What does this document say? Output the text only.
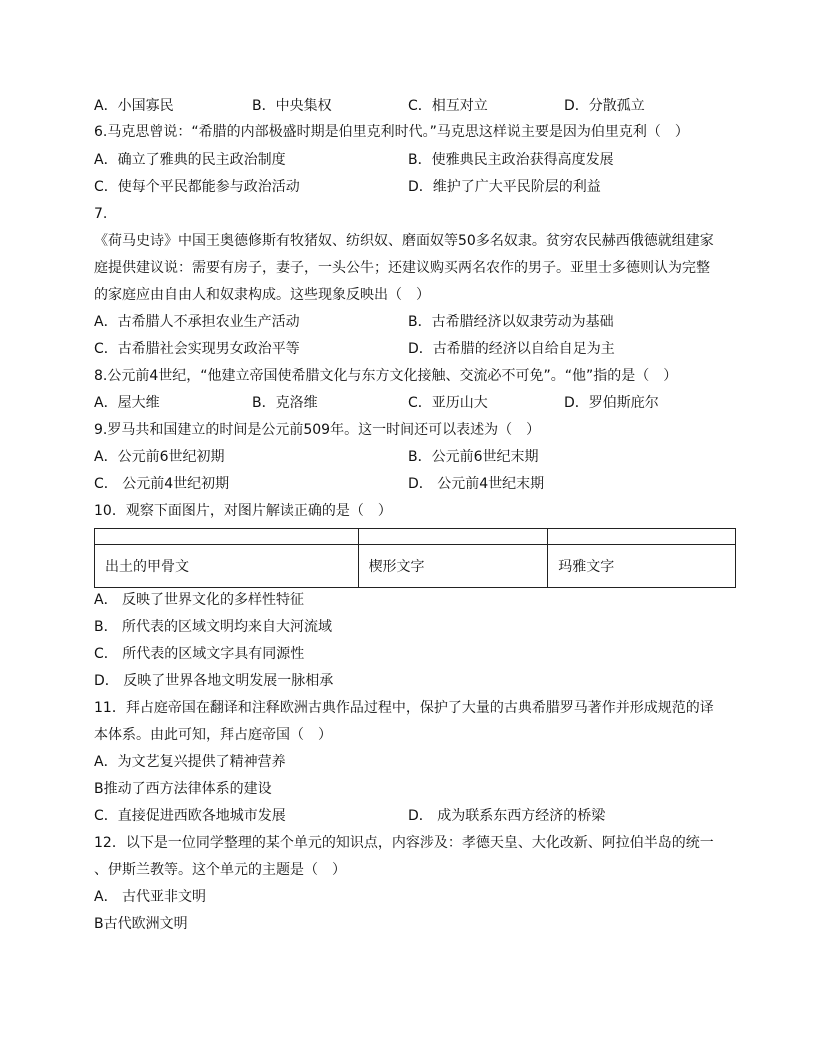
A．小国寡民	B．中央集权	C．相互对立	D．分散孤立
6.马克思曾说：“希腊的内部极盛时期是伯里克利时代。”马克思这样说主要是因为伯里克利（　）
A．确立了雅典的民主政治制度	B．使雅典民主政治获得高度发展
C．使每个平民都能参与政治活动	D．维护了广大平民阶层的利益
7.
《荷马史诗》中国王奥德修斯有牧猪奴、纺织奴、磨面奴等50多名奴隶。贫穷农民赫西俄德就组建家
庭提供建议说：需要有房子，妻子，一头公牛；还建议购买两名农作的男子。亚里士多德则认为完整
的家庭应由自由人和奴隶构成。这些现象反映出（　）
A．古希腊人不承担农业生产活动	B．古希腊经济以奴隶劳动为基础
C．古希腊社会实现男女政治平等	D．古希腊的经济以自给自足为主
8.公元前4世纪，“他建立帝国使希腊文化与东方文化接触、交流必不可免”。“他”指的是（　）
A．屋大维	B．克洛维	C．亚历山大	D．罗伯斯庇尔
9.罗马共和国建立的时间是公元前509年。这一时间还可以表述为（　）
A．公元前6世纪初期	B．公元前6世纪末期
C． 公元前4世纪初期	D． 公元前4世纪末期
10．观察下面图片，对图片解读正确的是（　）

出土的甲骨文	楔形文字	玛雅文字
A． 反映了世界文化的多样性特征
B． 所代表的区域文明均来自大河流域
C． 所代表的区域文字具有同源性
D． 反映了世界各地文明发展一脉相承
11．拜占庭帝国在翻译和注释欧洲古典作品过程中，保护了大量的古典希腊罗马著作并形成规范的译
本体系。由此可知，拜占庭帝国（　）
A．为文艺复兴提供了精神营养
B推动了西方法律体系的建设
C．直接促进西欧各地城市发展	D． 成为联系东西方经济的桥梁
12．以下是一位同学整理的某个单元的知识点，内容涉及：孝德天皇、大化改新、阿拉伯半岛的统一
、伊斯兰教等。这个单元的主题是（　）
A． 古代亚非文明
B古代欧洲文明
